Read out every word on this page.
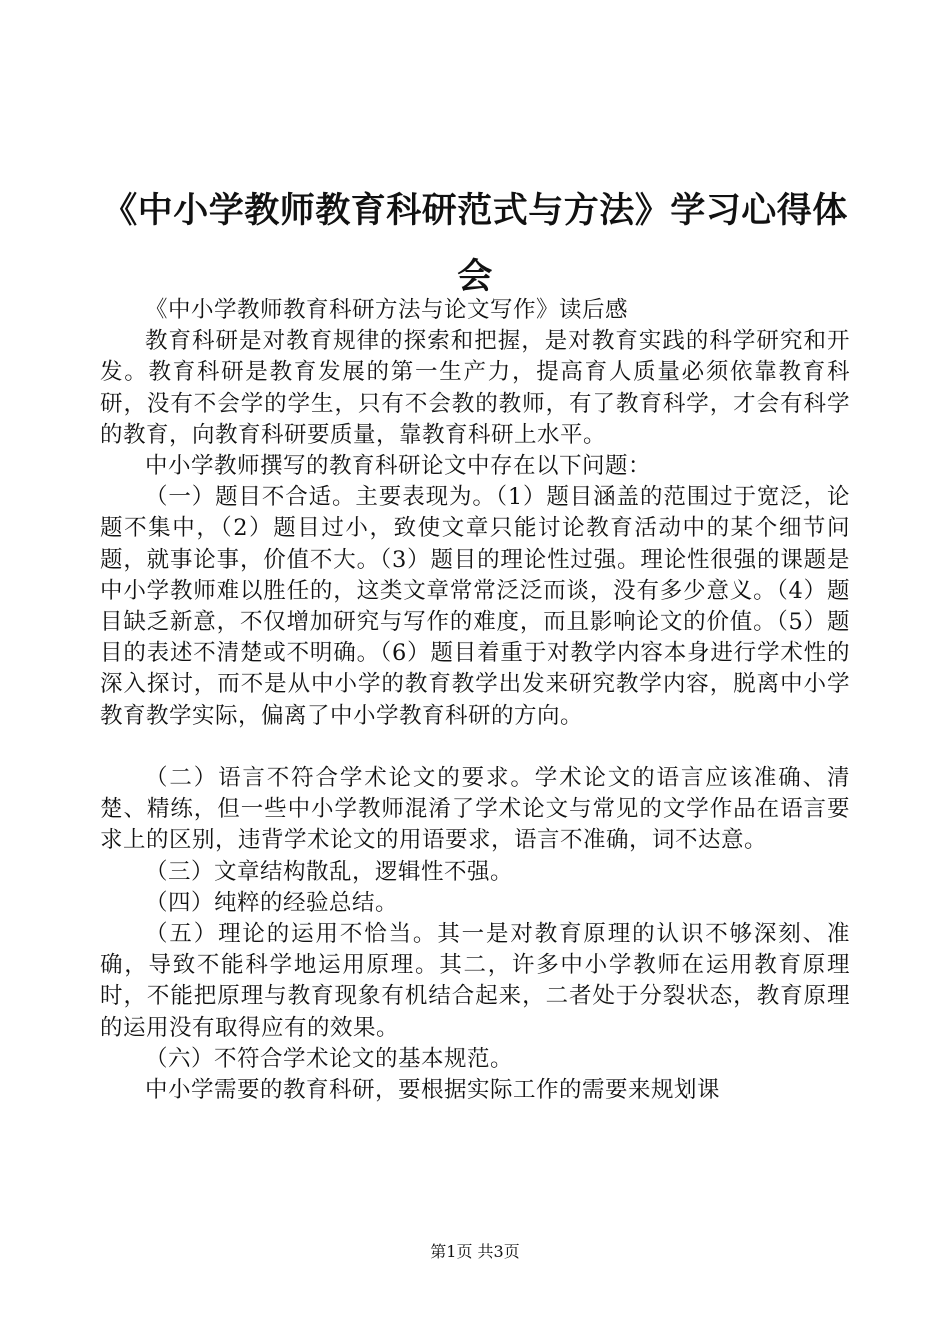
《中小学教师教育科研范式与方法》学习心得体会

《中小学教师教育科研方法与论文写作》读后感

教育科研是对教育规律的探索和把握，是对教育实践的科学研究和开发。教育科研是教育发展的第一生产力，提高育人质量必须依靠教育科研，没有不会学的学生，只有不会教的教师，有了教育科学，才会有科学的教育，向教育科研要质量，靠教育科研上水平。

中小学教师撰写的教育科研论文中存在以下问题：

（一）题目不合适。主要表现为。（1）题目涵盖的范围过于宽泛，论题不集中，（2）题目过小，致使文章只能讨论教育活动中的某个细节问题，就事论事，价值不大。（3）题目的理论性过强。理论性很强的课题是中小学教师难以胜任的，这类文章常常泛泛而谈，没有多少意义。（4）题目缺乏新意，不仅增加研究与写作的难度，而且影响论文的价值。（5）题目的表述不清楚或不明确。（6）题目着重于对教学内容本身进行学术性的深入探讨，而不是从中小学的教育教学出发来研究教学内容，脱离中小学教育教学实际，偏离了中小学教育科研的方向。

（二）语言不符合学术论文的要求。学术论文的语言应该准确、清楚、精练，但一些中小学教师混淆了学术论文与常见的文学作品在语言要求上的区别，违背学术论文的用语要求，语言不准确，词不达意。

（三）文章结构散乱，逻辑性不强。

（四）纯粹的经验总结。

（五）理论的运用不恰当。其一是对教育原理的认识不够深刻、准确，导致不能科学地运用原理。其二，许多中小学教师在运用教育原理时，不能把原理与教育现象有机结合起来，二者处于分裂状态，教育原理的运用没有取得应有的效果。

（六）不符合学术论文的基本规范。

中小学需要的教育科研，要根据实际工作的需要来规划课

第1页 共3页
